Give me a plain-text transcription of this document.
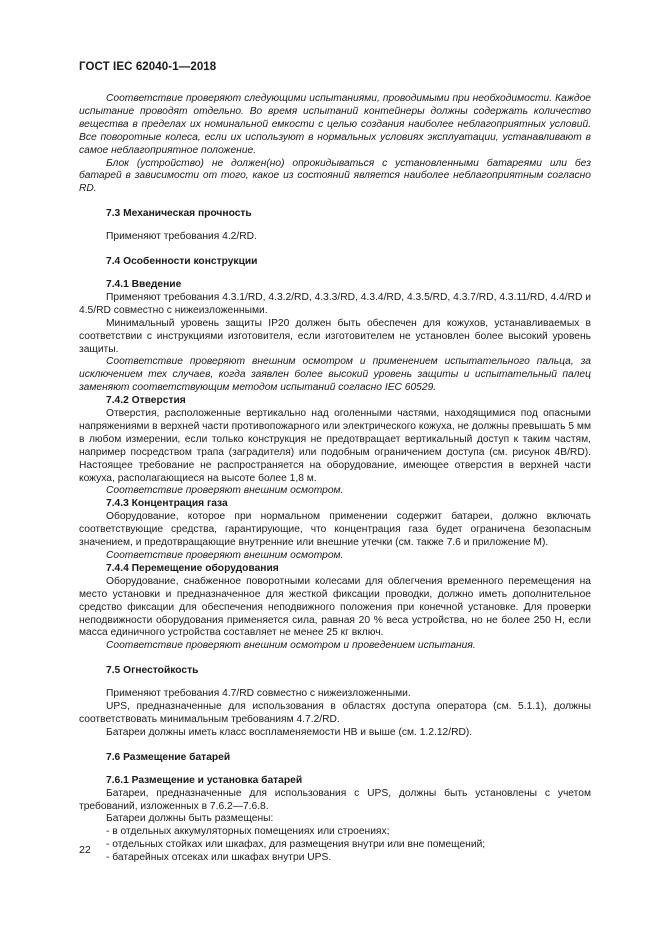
ГОСТ IEC 62040-1—2018

Соответствие проверяют следующими испытаниями, проводимыми при необходимости. Каждое испытание проводят отдельно. Во время испытаний контейнеры должны содержать количество вещества в пределах их номинальной емкости с целью создания наиболее неблагоприятных условий. Все поворотные колеса, если их используют в нормальных условиях эксплуатации, устанавливают в самое неблагоприятное положение.

Блок (устройство) не должен(но) опрокидываться с установленными батареями или без батарей в зависимости от того, какое из состояний является наиболее неблагоприятным согласно RD.

7.3 Механическая прочность

Применяют требования 4.2/RD.

7.4 Особенности конструкции

7.4.1 Введение

Применяют требования 4.3.1/RD, 4.3.2/RD, 4.3.3/RD, 4.3.4/RD, 4.3.5/RD, 4.3.7/RD, 4.3.11/RD, 4.4/RD и 4.5/RD совместно с нижеизложенными.

Минимальный уровень защиты IP20 должен быть обеспечен для кожухов, устанавливаемых в соответствии с инструкциями изготовителя, если изготовителем не установлен более высокий уровень защиты.

Соответствие проверяют внешним осмотром и применением испытательного пальца, за исключением тех случаев, когда заявлен более высокий уровень защиты и испытательный палец заменяют соответствующим методом испытаний согласно IEC 60529.

7.4.2 Отверстия

Отверстия, расположенные вертикально над оголенными частями, находящимися под опасными напряжениями в верхней части противопожарного или электрического кожуха, не должны превышать 5 мм в любом измерении, если только конструкция не предотвращает вертикальный доступ к таким частям, например посредством трапа (заградителя) или подобным ограничением доступа (см. рисунок 4В/RD). Настоящее требование не распространяется на оборудование, имеющее отверстия в верхней части кожуха, располагающиеся на высоте более 1,8 м.

Соответствие проверяют внешним осмотром.

7.4.3 Концентрация газа

Оборудование, которое при нормальном применении содержит батареи, должно включать соответствующие средства, гарантирующие, что концентрация газа будет ограничена безопасным значением, и предотвращающие внутренние или внешние утечки (см. также 7.6 и приложение М).

Соответствие проверяют внешним осмотром.

7.4.4 Перемещение оборудования

Оборудование, снабженное поворотными колесами для облегчения временного перемещения на место установки и предназначенное для жесткой фиксации проводки, должно иметь дополнительное средство фиксации для обеспечения неподвижного положения при конечной установке. Для проверки неподвижности оборудования применяется сила, равная 20 % веса устройства, но не более 250 Н, если масса единичного устройства составляет не менее 25 кг включ.

Соответствие проверяют внешним осмотром и проведением испытания.

7.5 Огнестойкость

Применяют требования 4.7/RD совместно с нижеизложенными.

UPS, предназначенные для использования в областях доступа оператора (см. 5.1.1), должны соответствовать минимальным требованиям 4.7.2/RD.

Батареи должны иметь класс воспламеняемости НВ и выше (см. 1.2.12/RD).

7.6 Размещение батарей

7.6.1 Размещение и установка батарей

Батареи, предназначенные для использования с UPS, должны быть установлены с учетом требований, изложенных в 7.6.2—7.6.8.

Батареи должны быть размещены:

- в отдельных аккумуляторных помещениях или строениях;

- отдельных стойках или шкафах, для размещения внутри или вне помещений;

- батарейных отсеках или шкафах внутри UPS.

22
